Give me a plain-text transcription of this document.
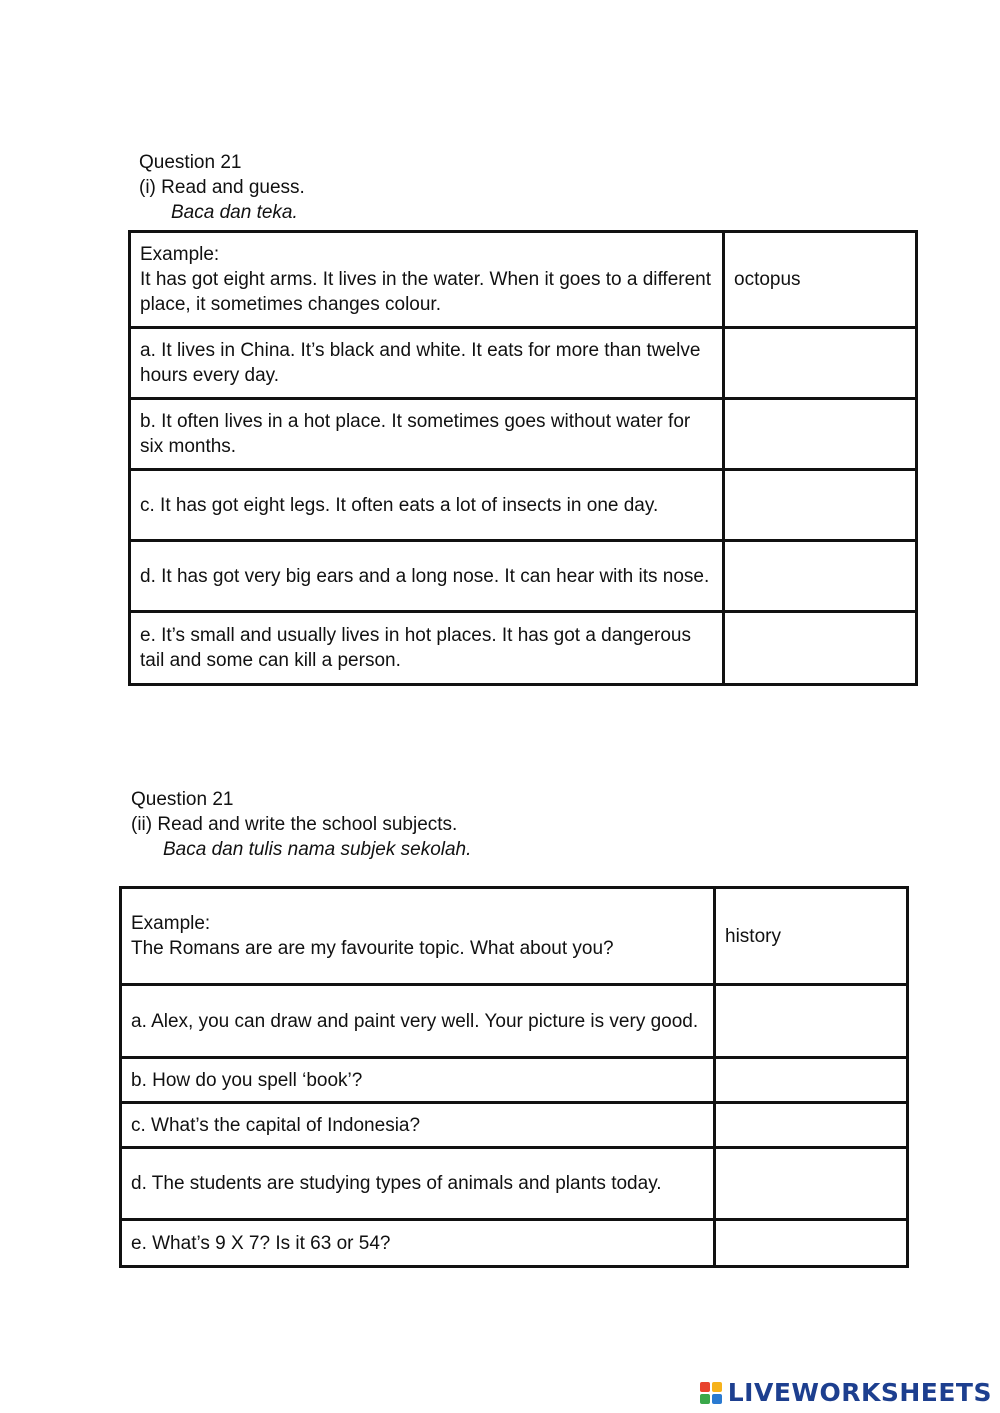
Question 21
(i) Read and guess.
Baca dan teka.
Example:
It has got eight arms. It lives in the water. When it goes to a different place, it sometimes changes colour.	octopus

a. It lives in China. It’s black and white. It eats for more than twelve hours every day.	
b. It often lives in a hot place. It sometimes goes without water for six months.	
c. It has got eight legs. It often eats a lot of insects in one day.	
d. It has got very big ears and a long nose. It can hear with its nose.	
e. It’s small and usually lives in hot places. It has got a dangerous tail and some can kill a person.	
Question 21
(ii) Read and write the school subjects.
Baca dan tulis nama subjek sekolah.
Example:
The Romans are are my favourite topic. What about you?	history

a. Alex, you can draw and paint very well. Your picture is very good.	
b. How do you spell ‘book’?	
c. What’s the capital of Indonesia?	
d. The students are studying types of animals and plants today.	
e. What’s 9 X 7? Is it 63 or 54?	
LIVEWORKSHEETS
